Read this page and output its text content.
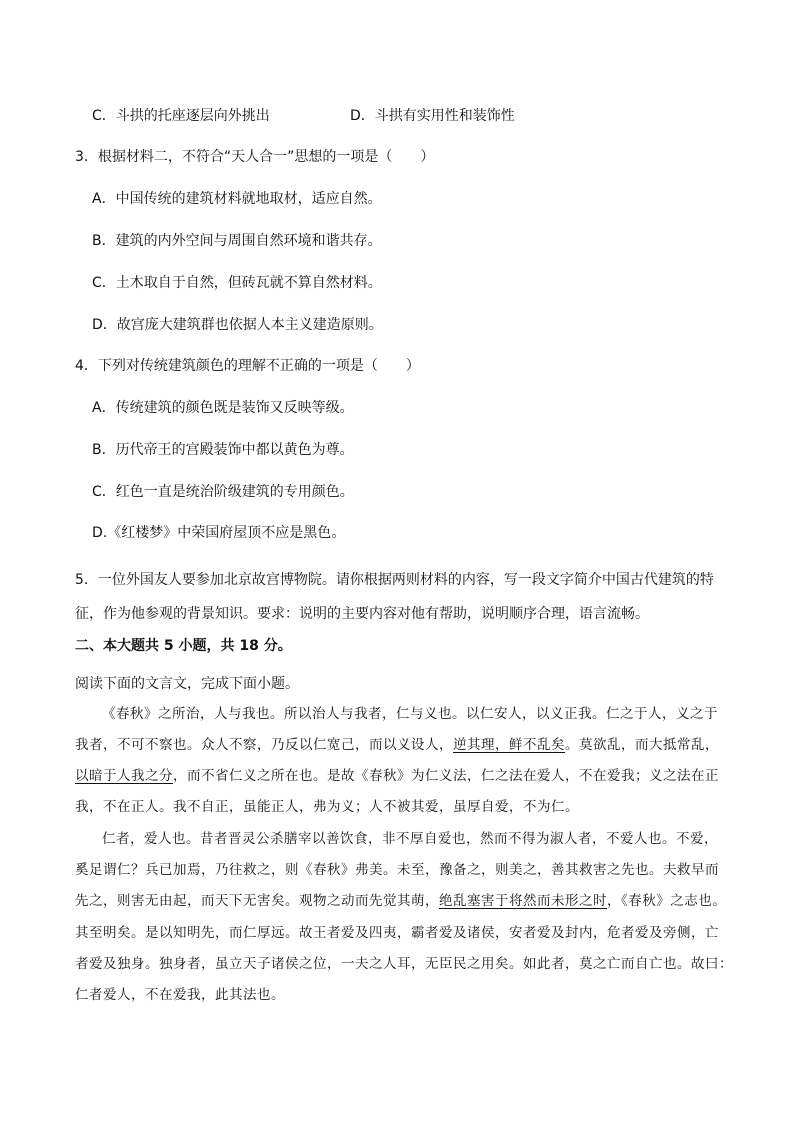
C．斗拱的托座逐层向外挑出	D．斗拱有实用性和装饰性
3．根据材料二，不符合“天人合一”思想的一项是（　　）
A．中国传统的建筑材料就地取材，适应自然。
B．建筑的内外空间与周围自然环境和谐共存。
C．土木取自于自然，但砖瓦就不算自然材料。
D．故宫庞大建筑群也依据人本主义建造原则。
4．下列对传统建筑颜色的理解不正确的一项是（　　）
A．传统建筑的颜色既是装饰又反映等级。
B．历代帝王的宫殿装饰中都以黄色为尊。
C．红色一直是统治阶级建筑的专用颜色。
D.《红楼梦》中荣国府屋顶不应是黑色。
5．一位外国友人要参加北京故宫博物院。请你根据两则材料的内容，写一段文字简介中国古代建筑的特征，作为他参观的背景知识。要求：说明的主要内容对他有帮助，说明顺序合理，语言流畅。
二、本大题共 5 小题，共 18 分。
阅读下面的文言文，完成下面小题。
《春秋》之所治，人与我也。所以治人与我者，仁与义也。以仁安人，以义正我。仁之于人，义之于
我者，不可不察也。众人不察，乃反以仁宽己，而以义设人，逆其理，鲜不乱矣。莫欲乱，而大抵常乱，
以暗于人我之分，而不省仁义之所在也。是故《春秋》为仁义法，仁之法在爱人，不在爱我；义之法在正
我，不在正人。我不自正，虽能正人，弗为义；人不被其爱，虽厚自爱，不为仁。
仁者，爱人也。昔者晋灵公杀膳宰以善饮食，非不厚自爱也，然而不得为淑人者，不爱人也。不爱，
奚足谓仁？兵已加焉，乃往救之，则《春秋》弗美。未至，豫备之，则美之，善其救害之先也。夫救早而
先之，则害无由起，而天下无害矣。观物之动而先觉其萌，绝乱塞害于将然而未形之时，《春秋》之志也。
其至明矣。是以知明先，而仁厚远。故王者爱及四夷，霸者爱及诸侯，安者爱及封内，危者爱及旁侧，亡
者爱及独身。独身者，虽立天子诸侯之位，一夫之人耳，无臣民之用矣。如此者，莫之亡而自亡也。故曰：
仁者爱人，不在爱我，此其法也。
